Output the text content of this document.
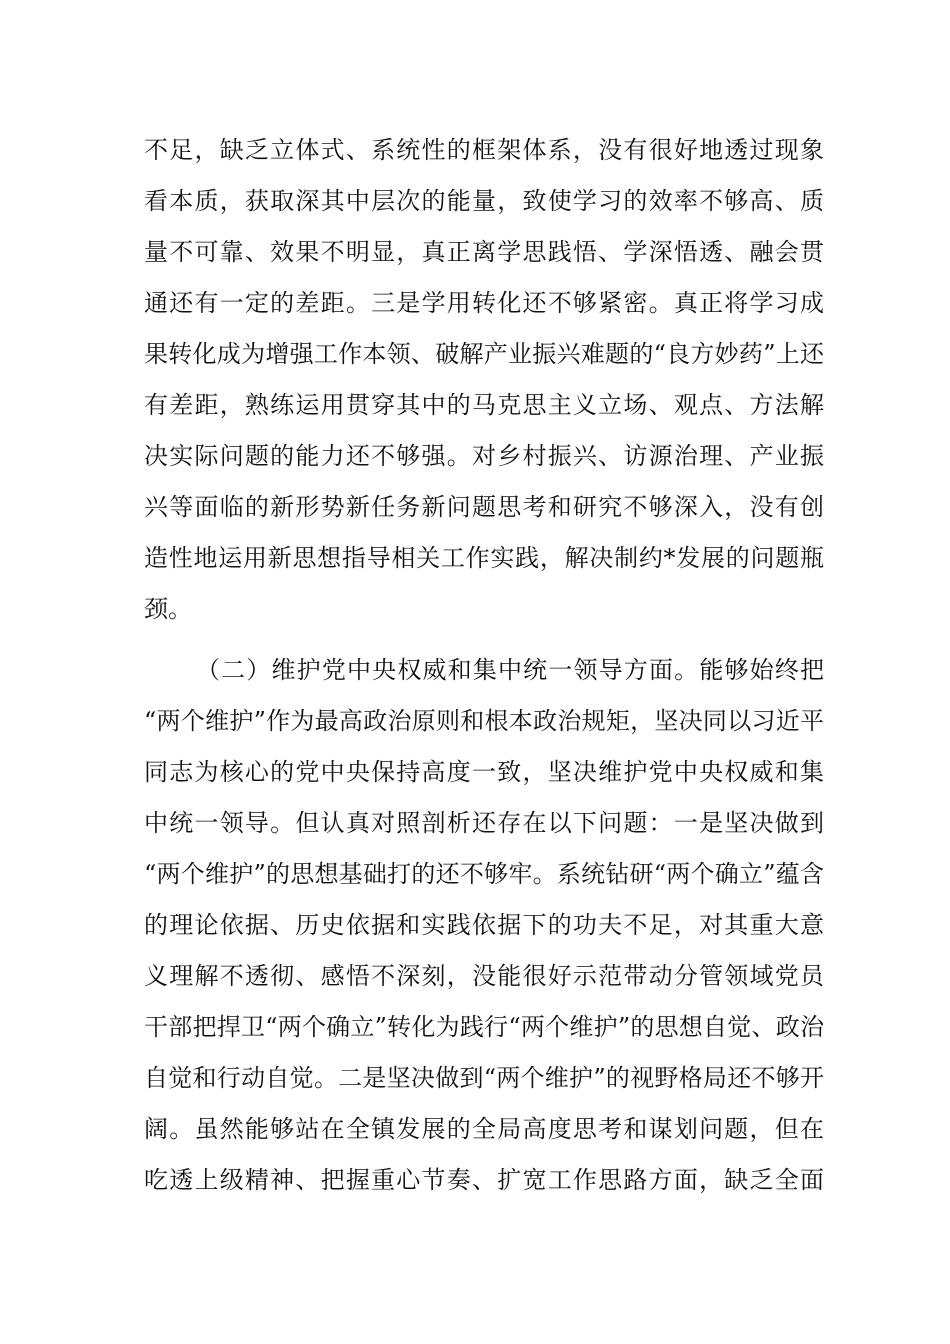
不足，缺乏立体式、系统性的框架体系，没有很好地透过现象
看本质，获取深其中层次的能量，致使学习的效率不够高、质
量不可靠、效果不明显，真正离学思践悟、学深悟透、融会贯
通还有一定的差距。三是学用转化还不够紧密。真正将学习成
果转化成为增强工作本领、破解产业振兴难题的“良方妙药”上还
有差距，熟练运用贯穿其中的马克思主义立场、观点、方法解
决实际问题的能力还不够强。对乡村振兴、访源治理、产业振
兴等面临的新形势新任务新问题思考和研究不够深入，没有创
造性地运用新思想指导相关工作实践，解决制约*发展的问题瓶
颈。
（二）维护党中央权威和集中统一领导方面。能够始终把
“两个维护”作为最高政治原则和根本政治规矩，坚决同以习近平
同志为核心的党中央保持高度一致，坚决维护党中央权威和集
中统一领导。但认真对照剖析还存在以下问题：一是坚决做到
“两个维护”的思想基础打的还不够牢。系统钻研“两个确立”蕴含
的理论依据、历史依据和实践依据下的功夫不足，对其重大意
义理解不透彻、感悟不深刻，没能很好示范带动分管领域党员
干部把捍卫“两个确立”转化为践行“两个维护”的思想自觉、政治
自觉和行动自觉。二是坚决做到“两个维护”的视野格局还不够开
阔。虽然能够站在全镇发展的全局高度思考和谋划问题，但在
吃透上级精神、把握重心节奏、扩宽工作思路方面，缺乏全面
